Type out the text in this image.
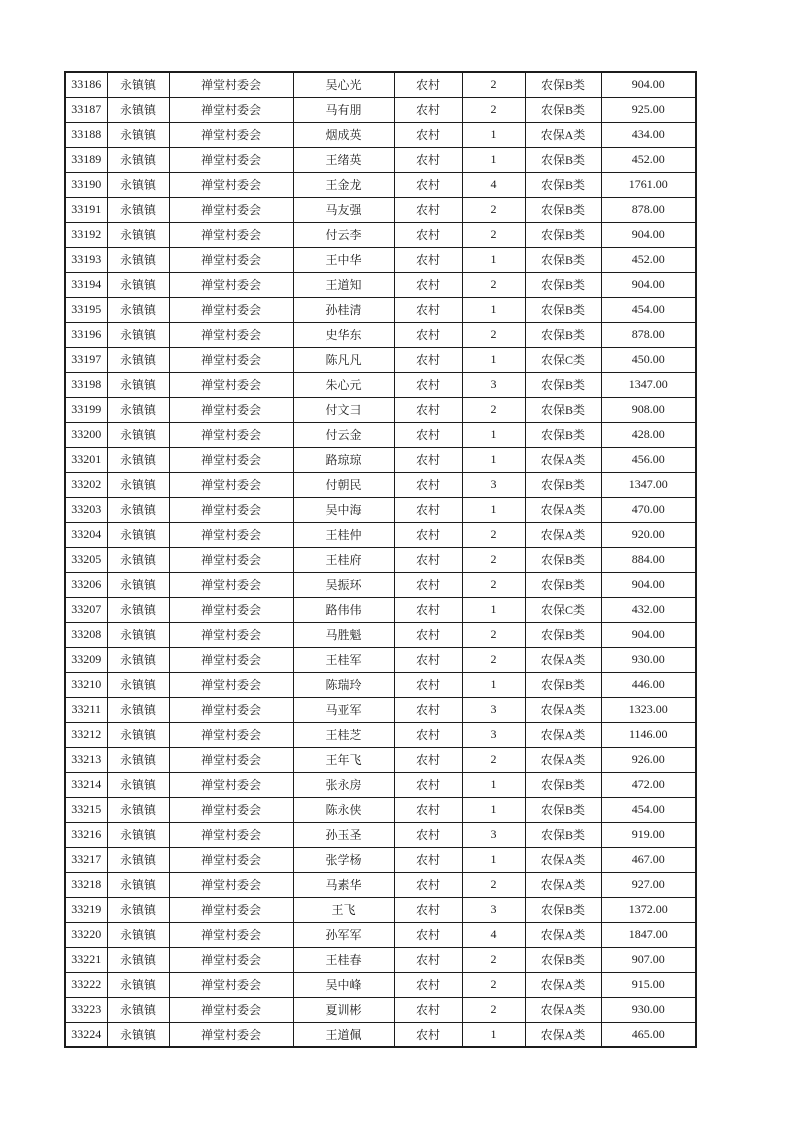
33186	永镇镇	禅堂村委会	吴心光	农村	2	农保B类	904.00
33187	永镇镇	禅堂村委会	马有朋	农村	2	农保B类	925.00
33188	永镇镇	禅堂村委会	烟成英	农村	1	农保A类	434.00
33189	永镇镇	禅堂村委会	王绪英	农村	1	农保B类	452.00
33190	永镇镇	禅堂村委会	王金龙	农村	4	农保B类	1761.00
33191	永镇镇	禅堂村委会	马友强	农村	2	农保B类	878.00
33192	永镇镇	禅堂村委会	付云李	农村	2	农保B类	904.00
33193	永镇镇	禅堂村委会	王中华	农村	1	农保B类	452.00
33194	永镇镇	禅堂村委会	王道知	农村	2	农保B类	904.00
33195	永镇镇	禅堂村委会	孙桂清	农村	1	农保B类	454.00
33196	永镇镇	禅堂村委会	史华东	农村	2	农保B类	878.00
33197	永镇镇	禅堂村委会	陈凡凡	农村	1	农保C类	450.00
33198	永镇镇	禅堂村委会	朱心元	农村	3	农保B类	1347.00
33199	永镇镇	禅堂村委会	付文彐	农村	2	农保B类	908.00
33200	永镇镇	禅堂村委会	付云金	农村	1	农保B类	428.00
33201	永镇镇	禅堂村委会	路琼琼	农村	1	农保A类	456.00
33202	永镇镇	禅堂村委会	付朝民	农村	3	农保B类	1347.00
33203	永镇镇	禅堂村委会	吴中海	农村	1	农保A类	470.00
33204	永镇镇	禅堂村委会	王桂仲	农村	2	农保A类	920.00
33205	永镇镇	禅堂村委会	王桂府	农村	2	农保B类	884.00
33206	永镇镇	禅堂村委会	吴振环	农村	2	农保B类	904.00
33207	永镇镇	禅堂村委会	路伟伟	农村	1	农保C类	432.00
33208	永镇镇	禅堂村委会	马胜魁	农村	2	农保B类	904.00
33209	永镇镇	禅堂村委会	王桂军	农村	2	农保A类	930.00
33210	永镇镇	禅堂村委会	陈瑞玲	农村	1	农保B类	446.00
33211	永镇镇	禅堂村委会	马亚军	农村	3	农保A类	1323.00
33212	永镇镇	禅堂村委会	王桂芝	农村	3	农保A类	1146.00
33213	永镇镇	禅堂村委会	王年飞	农村	2	农保A类	926.00
33214	永镇镇	禅堂村委会	张永房	农村	1	农保B类	472.00
33215	永镇镇	禅堂村委会	陈永侠	农村	1	农保B类	454.00
33216	永镇镇	禅堂村委会	孙玉圣	农村	3	农保B类	919.00
33217	永镇镇	禅堂村委会	张学杨	农村	1	农保A类	467.00
33218	永镇镇	禅堂村委会	马素华	农村	2	农保A类	927.00
33219	永镇镇	禅堂村委会	王飞	农村	3	农保B类	1372.00
33220	永镇镇	禅堂村委会	孙军军	农村	4	农保A类	1847.00
33221	永镇镇	禅堂村委会	王桂春	农村	2	农保B类	907.00
33222	永镇镇	禅堂村委会	吴中峰	农村	2	农保A类	915.00
33223	永镇镇	禅堂村委会	夏训彬	农村	2	农保A类	930.00
33224	永镇镇	禅堂村委会	王道佩	农村	1	农保A类	465.00
